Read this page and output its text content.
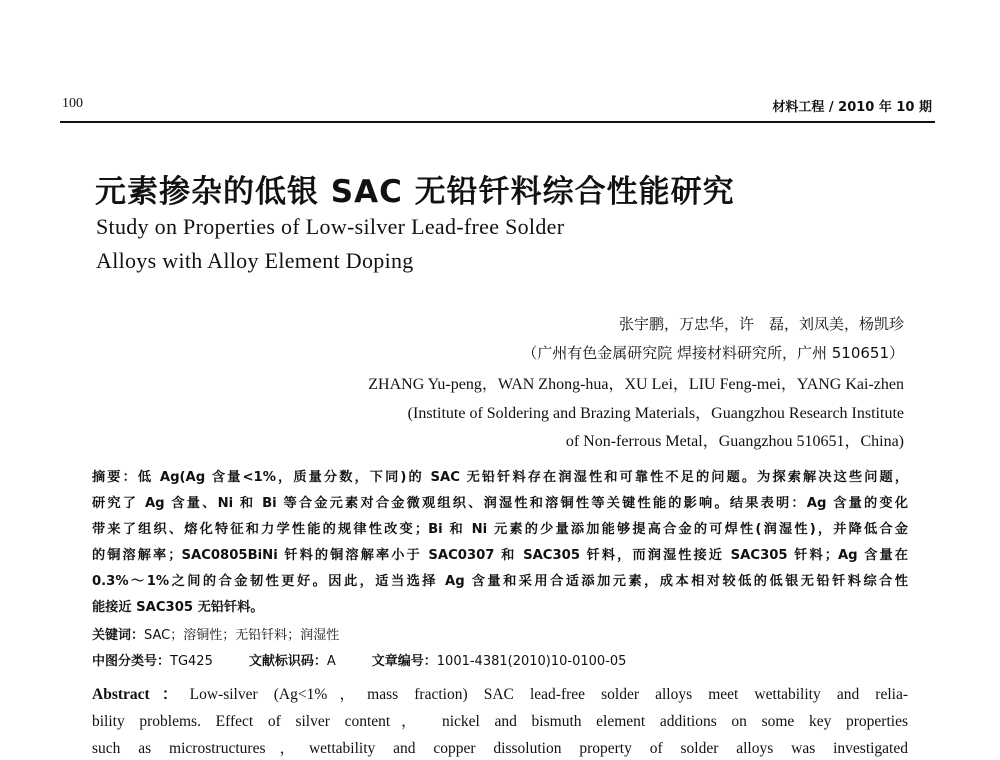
100	材料工程 / 2010 年 10 期
元素掺杂的低银 SAC 无铅钎料综合性能研究
Study on Properties of Low-silver Lead-free Solder
Alloys with Alloy Element Doping
张宇鹏，万忠华，许　磊，刘凤美，杨凯珍
（广州有色金属研究院 焊接材料研究所，广州 510651）
ZHANG Yu-peng，WAN Zhong-hua，XU Lei，LIU Feng-mei，YANG Kai-zhen
(Institute of Soldering and Brazing Materials，Guangzhou Research Institute
of Non-ferrous Metal，Guangzhou 510651，China)
摘要：低 Ag(Ag 含量<1%，质量分数，下同)的 SAC 无铅钎料存在润湿性和可靠性不足的问题。为探索解决这些问题，
研究了 Ag 含量、Ni 和 Bi 等合金元素对合金微观组织、润湿性和溶铜性等关键性能的影响。结果表明：Ag 含量的变化
带来了组织、熔化特征和力学性能的规律性改变；Bi 和 Ni 元素的少量添加能够提高合金的可焊性(润湿性)，并降低合金
的铜溶解率；SAC0805BiNi 钎料的铜溶解率小于 SAC0307 和 SAC305 钎料，而润湿性接近 SAC305 钎料；Ag 含量在
0.3%～1%之间的合金韧性更好。因此，适当选择 Ag 含量和采用合适添加元素，成本相对较低的低银无铅钎料综合性
能接近 SAC305 无铅钎料。
关键词：SAC；溶铜性；无铅钎料；润湿性
中图分类号：TG425	文献标识码：A	文章编号：1001-4381(2010)10-0100-05
Abstract：Low-silver (Ag<1%，mass fraction) SAC lead-free solder alloys meet wettability and relia-
bility problems. Effect of silver content， nickel and bismuth element additions on some key properties
such as microstructures，wettability and copper dissolution property of solder alloys was investigated
